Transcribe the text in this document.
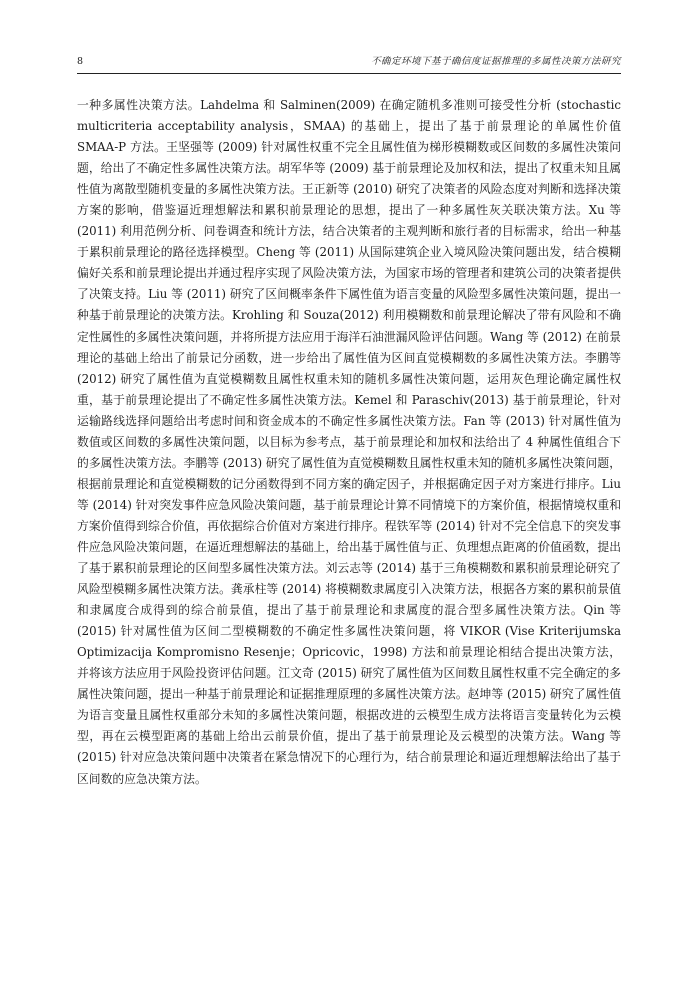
8	不确定环境下基于确信度证据推理的多属性决策方法研究

一种多属性决策方法。Lahdelma 和 Salminen(2009) 在确定随机多准则可接受性分析 (stochastic multicriteria acceptability analysis，SMAA) 的基础上，提出了基于前景理论的单属性价值 SMAA-P 方法。王坚强等 (2009) 针对属性权重不完全且属性值为梯形模糊数或区间数的多属性决策问题，给出了不确定性多属性决策方法。胡军华等 (2009) 基于前景理论及加权和法，提出了权重未知且属性值为离散型随机变量的多属性决策方法。王正新等 (2010) 研究了决策者的风险态度对判断和选择决策方案的影响，借鉴逼近理想解法和累积前景理论的思想，提出了一种多属性灰关联决策方法。Xu 等 (2011) 利用范例分析、问卷调查和统计方法，结合决策者的主观判断和旅行者的目标需求，给出一种基于累积前景理论的路径选择模型。Cheng 等 (2011) 从国际建筑企业入境风险决策问题出发，结合模糊偏好关系和前景理论提出并通过程序实现了风险决策方法，为国家市场的管理者和建筑公司的决策者提供了决策支持。Liu 等 (2011) 研究了区间概率条件下属性值为语言变量的风险型多属性决策问题，提出一种基于前景理论的决策方法。Krohling 和 Souza(2012) 利用模糊数和前景理论解决了带有风险和不确定性属性的多属性决策问题，并将所提方法应用于海洋石油泄漏风险评估问题。Wang 等 (2012) 在前景理论的基础上给出了前景记分函数，进一步给出了属性值为区间直觉模糊数的多属性决策方法。李鹏等 (2012) 研究了属性值为直觉模糊数且属性权重未知的随机多属性决策问题，运用灰色理论确定属性权重，基于前景理论提出了不确定性多属性决策方法。Kemel 和 Paraschiv(2013) 基于前景理论，针对运输路线选择问题给出考虑时间和资金成本的不确定性多属性决策方法。Fan 等 (2013) 针对属性值为数值或区间数的多属性决策问题，以目标为参考点，基于前景理论和加权和法给出了 4 种属性值组合下的多属性决策方法。李鹏等 (2013) 研究了属性值为直觉模糊数且属性权重未知的随机多属性决策问题，根据前景理论和直觉模糊数的记分函数得到不同方案的确定因子，并根据确定因子对方案进行排序。Liu 等 (2014) 针对突发事件应急风险决策问题，基于前景理论计算不同情境下的方案价值，根据情境权重和方案价值得到综合价值，再依据综合价值对方案进行排序。程铁军等 (2014) 针对不完全信息下的突发事件应急风险决策问题，在逼近理想解法的基础上，给出基于属性值与正、负理想点距离的价值函数，提出了基于累积前景理论的区间型多属性决策方法。刘云志等 (2014) 基于三角模糊数和累积前景理论研究了风险型模糊多属性决策方法。龚承柱等 (2014) 将模糊数隶属度引入决策方法，根据各方案的累积前景值和隶属度合成得到的综合前景值，提出了基于前景理论和隶属度的混合型多属性决策方法。Qin 等 (2015) 针对属性值为区间二型模糊数的不确定性多属性决策问题，将 VIKOR (Vise Kriterijumska Optimizacija Kompromisno Resenje；Opricovic，1998) 方法和前景理论相结合提出决策方法，并将该方法应用于风险投资评估问题。江文奇 (2015) 研究了属性值为区间数且属性权重不完全确定的多属性决策问题，提出一种基于前景理论和证据推理原理的多属性决策方法。赵坤等 (2015) 研究了属性值为语言变量且属性权重部分未知的多属性决策问题，根据改进的云模型生成方法将语言变量转化为云模型，再在云模型距离的基础上给出云前景价值，提出了基于前景理论及云模型的决策方法。Wang 等 (2015) 针对应急决策问题中决策者在紧急情况下的心理行为，结合前景理论和逼近理想解法给出了基于区间数的应急决策方法。
